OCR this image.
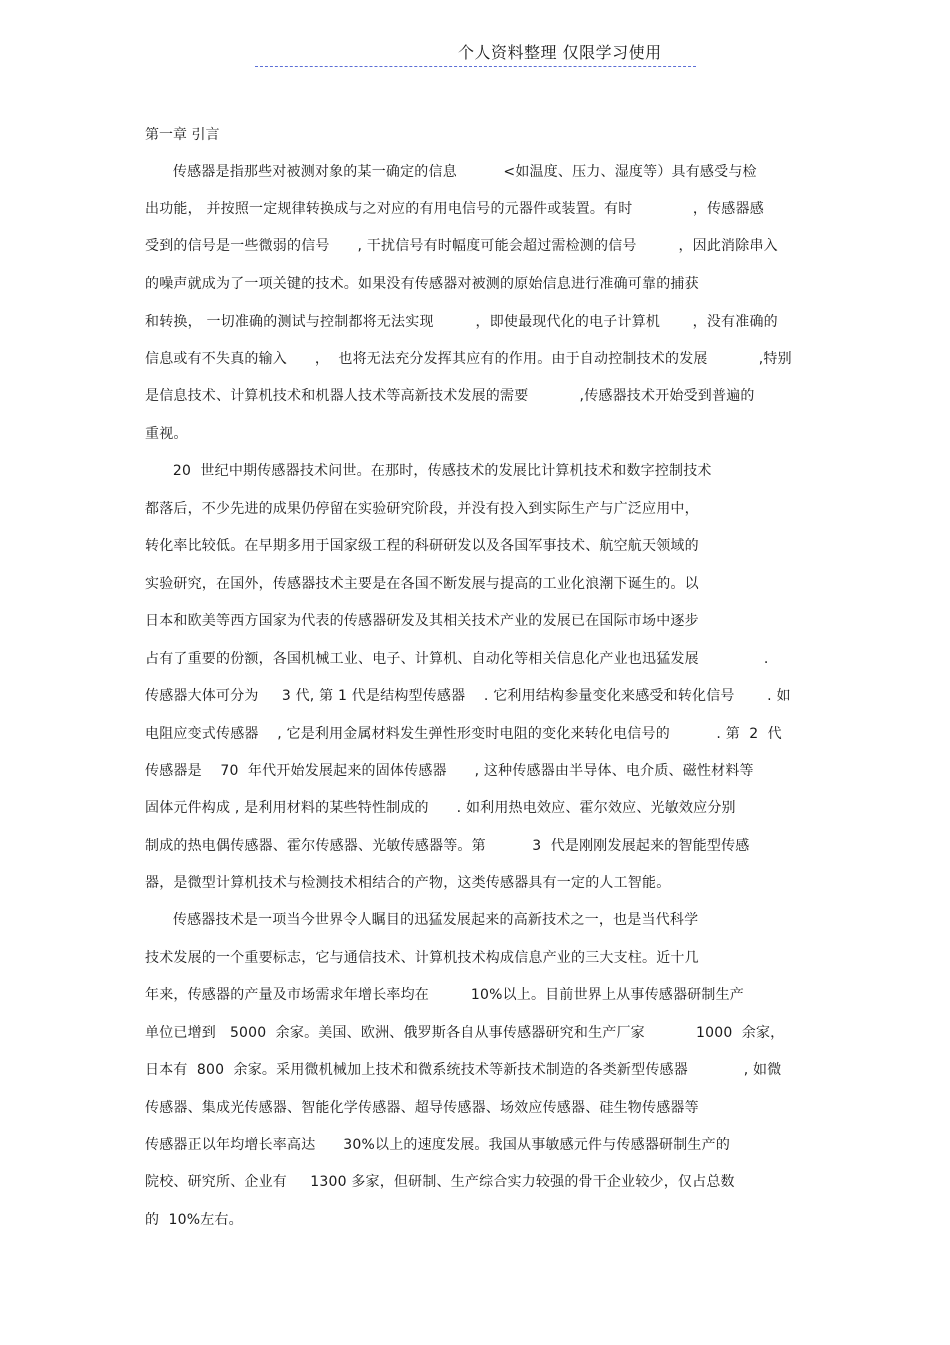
个人资料整理 仅限学习使用
第一章 引言
传感器是指那些对被测对象的某一确定的信息          <如温度、压力、湿度等）具有感受与检
出功能， 并按照一定规律转换成与之对应的有用电信号的元器件或装置。有时             ，传感器感
受到的信号是一些微弱的信号      , 干扰信号有时幅度可能会超过需检测的信号         ，因此消除串入
的噪声就成为了一项关键的技术。如果没有传感器对被测的原始信息进行准确可靠的捕获
和转换， 一切准确的测试与控制都将无法实现         ，即使最现代化的电子计算机       ，没有准确的
信息或有不失真的输入      ，  也将无法充分发挥其应有的作用。由于自动控制技术的发展           ,特别
是信息技术、计算机技术和机器人技术等高新技术发展的需要           ,传感器技术开始受到普遍的
重视。
20  世纪中期传感器技术问世。在那时，传感技术的发展比计算机技术和数字控制技术
都落后，不少先进的成果仍停留在实验研究阶段，并没有投入到实际生产与广泛应用中，
转化率比较低。在早期多用于国家级工程的科研研发以及各国军事技术、航空航天领域的
实验研究，在国外，传感器技术主要是在各国不断发展与提高的工业化浪潮下诞生的。以
日本和欧美等西方国家为代表的传感器研发及其相关技术产业的发展已在国际市场中逐步
占有了重要的份额，各国机械工业、电子、计算机、自动化等相关信息化产业也迅猛发展              .
传感器大体可分为     3 代, 第 1 代是结构型传感器    . 它利用结构参量变化来感受和转化信号       . 如
电阻应变式传感器    , 它是利用金属材料发生弹性形变时电阻的变化来转化电信号的          . 第  2  代
传感器是    70  年代开始发展起来的固体传感器      , 这种传感器由半导体、电介质、磁性材料等
固体元件构成 , 是利用材料的某些特性制成的      . 如利用热电效应、霍尔效应、光敏效应分别
制成的热电偶传感器、霍尔传感器、光敏传感器等。第          3  代是刚刚发展起来的智能型传感
器，是微型计算机技术与检测技术相结合的产物，这类传感器具有一定的人工智能。
传感器技术是一项当今世界令人瞩目的迅猛发展起来的高新技术之一，也是当代科学
技术发展的一个重要标志，它与通信技术、计算机技术构成信息产业的三大支柱。近十几
年来，传感器的产量及市场需求年增长率均在         10%以上。目前世界上从事传感器研制生产
单位已增到   5000  余家。美国、欧洲、俄罗斯各自从事传感器研究和生产厂家           1000  余家，
日本有  800  余家。采用微机械加上技术和微系统技术等新技术制造的各类新型传感器            , 如微
传感器、集成光传感器、智能化学传感器、超导传感器、场效应传感器、硅生物传感器等
传感器正以年均增长率高达      30%以上的速度发展。我国从事敏感元件与传感器研制生产的
院校、研究所、企业有     1300 多家，但研制、生产综合实力较强的骨干企业较少，仅占总数
的  10%左右。
